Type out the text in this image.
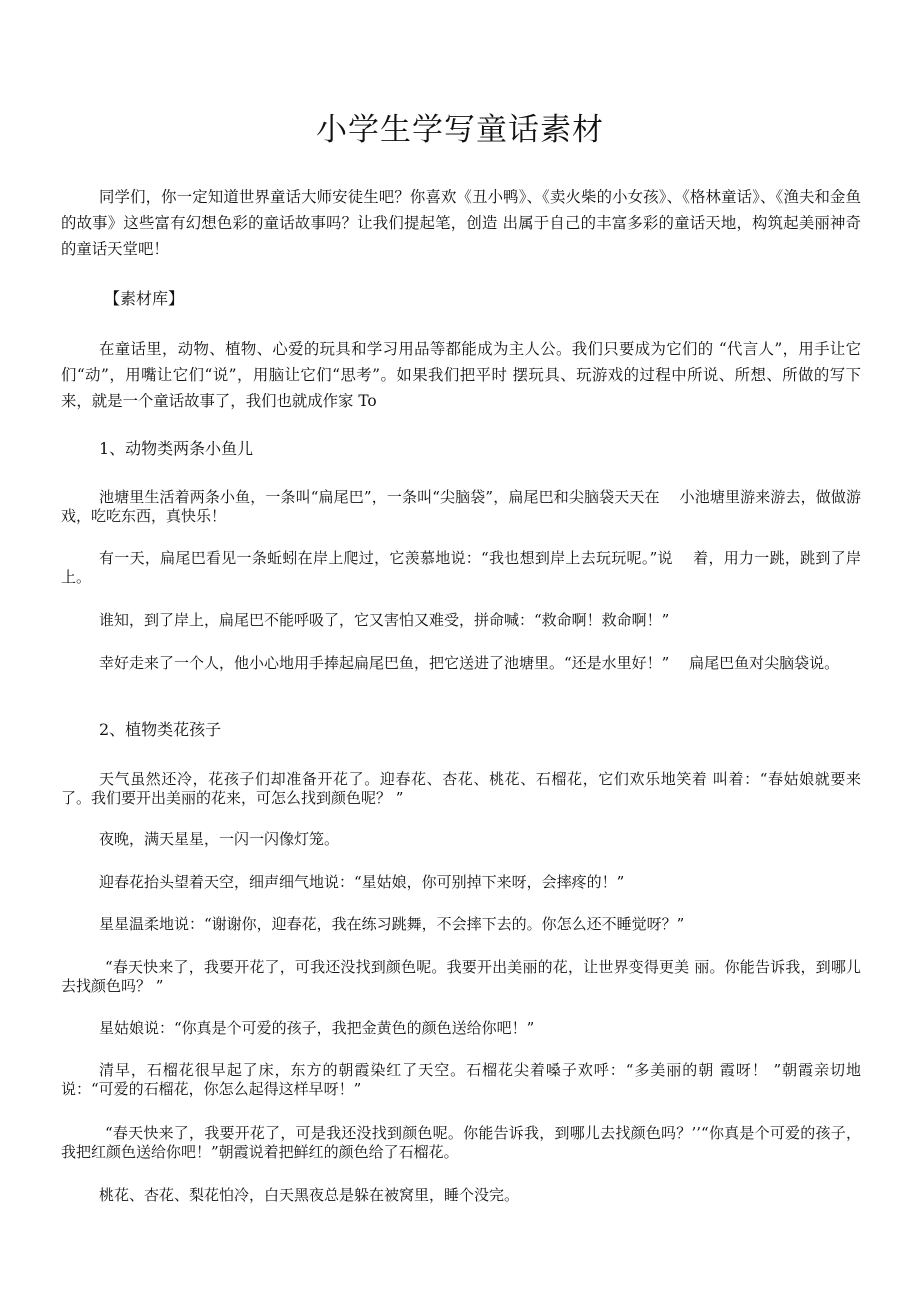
小学生学写童话素材

同学们，你一定知道世界童话大师安徒生吧？你喜欢《丑小鸭》、《卖火柴的小女孩》、《格林童话》、《渔夫和金鱼的故事》这些富有幻想色彩的童话故事吗？让我们提起笔，创造 出属于自己的丰富多彩的童话天地，构筑起美丽神奇的童话天堂吧！

【素材库】

在童话里，动物、植物、心爱的玩具和学习用品等都能成为主人公。我们只要成为它们的 “代言人”，用手让它们“动”，用嘴让它们“说”，用脑让它们“思考”。如果我们把平时 摆玩具、玩游戏的过程中所说、所想、所做的写下来，就是一个童话故事了，我们也就成作家 To

1、动物类两条小鱼儿

池塘里生活着两条小鱼，一条叫“扁尾巴”，一条叫“尖脑袋”，扁尾巴和尖脑袋天天在　 小池塘里游来游去，做做游戏，吃吃东西，真快乐！

有一天，扁尾巴看见一条蚯蚓在岸上爬过，它羡慕地说：“我也想到岸上去玩玩呢。”说　 着，用力一跳，跳到了岸上。

谁知，到了岸上，扁尾巴不能呼吸了，它又害怕又难受，拼命喊：“救命啊！救命啊！”

幸好走来了一个人，他小心地用手捧起扁尾巴鱼，把它送进了池塘里。“还是水里好！”　 扁尾巴鱼对尖脑袋说。

2、植物类花孩子

天气虽然还冷，花孩子们却准备开花了。迎春花、杏花、桃花、石榴花，它们欢乐地笑着 叫着：“春姑娘就要来了。我们要开出美丽的花来，可怎么找到颜色呢？ ”

夜晚，满天星星，一闪一闪像灯笼。

迎春花抬头望着天空，细声细气地说：“星姑娘，你可别掉下来呀，会摔疼的！”

星星温柔地说：“谢谢你，迎春花，我在练习跳舞，不会摔下去的。你怎么还不睡觉呀？”

“春天快来了，我要开花了，可我还没找到颜色呢。我要开出美丽的花，让世界变得更美 丽。你能告诉我，到哪儿去找颜色吗？ ”

星姑娘说：“你真是个可爱的孩子，我把金黄色的颜色送给你吧！”

清早，石榴花很早起了床，东方的朝霞染红了天空。石榴花尖着嗓子欢呼：“多美丽的朝 霞呀！ ”朝霞亲切地说：“可爱的石榴花，你怎么起得这样早呀！”

“春天快来了，我要开花了，可是我还没找到颜色呢。你能告诉我，到哪儿去找颜色吗？’’“你真是个可爱的孩子，我把红颜色送给你吧！”朝霞说着把鲜红的颜色给了石榴花。

桃花、杏花、梨花怕冷，白天黑夜总是躲在被窝里，睡个没完。
